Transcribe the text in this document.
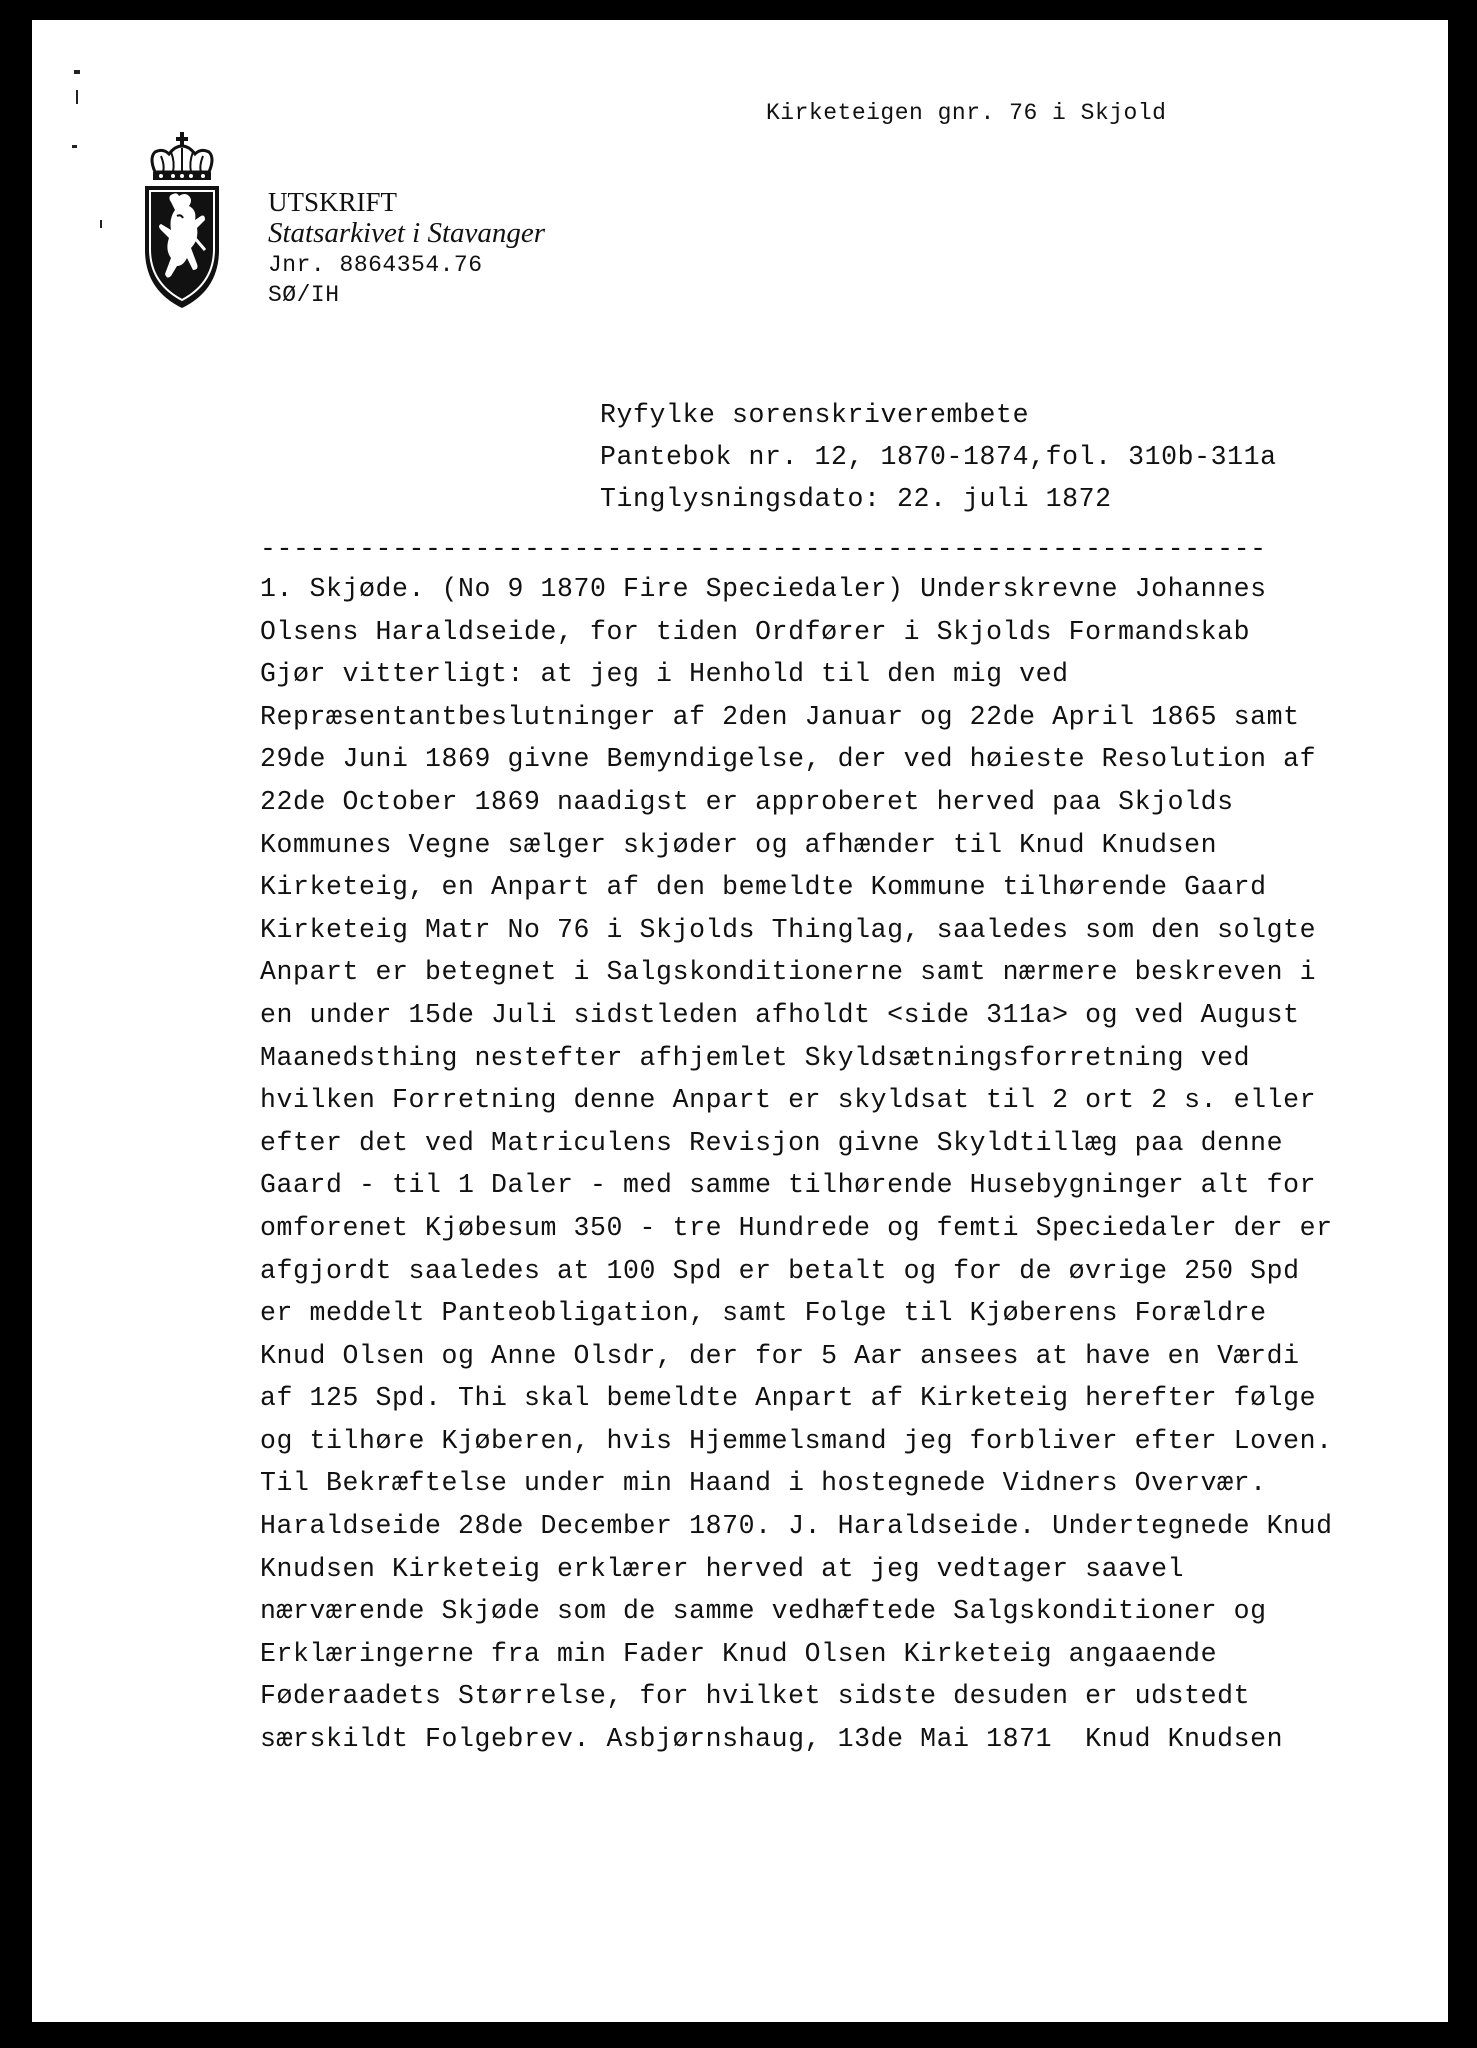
Kirketeigen gnr. 76 i Skjold
UTSKRIFT
Statsarkivet i Stavanger
Jnr. 8864354.76
SØ/IH
Ryfylke sorenskriverembete
Pantebok nr. 12, 1870-1874,fol. 310b-311a
Tinglysningsdato: 22. juli 1872
-------------------------------------------------------------
1. Skjøde. (No 9 1870 Fire Speciedaler) Underskrevne Johannes
Olsens Haraldseide, for tiden Ordfører i Skjolds Formandskab
Gjør vitterligt: at jeg i Henhold til den mig ved
Repræsentantbeslutninger af 2den Januar og 22de April 1865 samt
29de Juni 1869 givne Bemyndigelse, der ved høieste Resolution af
22de October 1869 naadigst er approberet herved paa Skjolds
Kommunes Vegne sælger skjøder og afhænder til Knud Knudsen
Kirketeig, en Anpart af den bemeldte Kommune tilhørende Gaard
Kirketeig Matr No 76 i Skjolds Thinglag, saaledes som den solgte
Anpart er betegnet i Salgskonditionerne samt nærmere beskreven i
en under 15de Juli sidstleden afholdt <side 311a> og ved August
Maanedsthing nestefter afhjemlet Skyldsætningsforretning ved
hvilken Forretning denne Anpart er skyldsat til 2 ort 2 s. eller
efter det ved Matriculens Revisjon givne Skyldtillæg paa denne
Gaard - til 1 Daler - med samme tilhørende Husebygninger alt for
omforenet Kjøbesum 350 - tre Hundrede og femti Speciedaler der er
afgjordt saaledes at 100 Spd er betalt og for de øvrige 250 Spd
er meddelt Panteobligation, samt Folge til Kjøberens Forældre
Knud Olsen og Anne Olsdr, der for 5 Aar ansees at have en Værdi
af 125 Spd. Thi skal bemeldte Anpart af Kirketeig herefter følge
og tilhøre Kjøberen, hvis Hjemmelsmand jeg forbliver efter Loven.
Til Bekræftelse under min Haand i hostegnede Vidners Overvær.
Haraldseide 28de December 1870. J. Haraldseide. Undertegnede Knud
Knudsen Kirketeig erklærer herved at jeg vedtager saavel
nærværende Skjøde som de samme vedhæftede Salgskonditioner og
Erklæringerne fra min Fader Knud Olsen Kirketeig angaaende
Føderaadets Størrelse, for hvilket sidste desuden er udstedt
særskildt Folgebrev. Asbjørnshaug, 13de Mai 1871  Knud Knudsen
